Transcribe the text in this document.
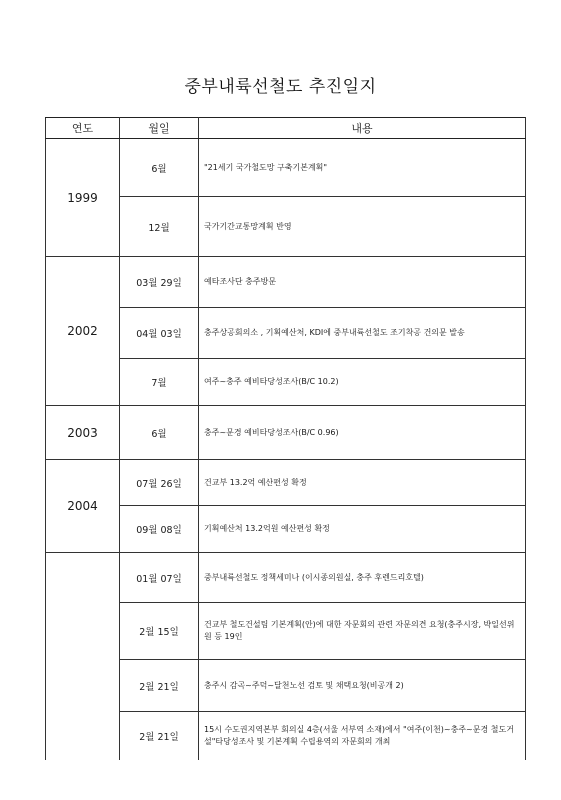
중부내륙선철도 추진일지
연도	월일	내용
1999	6월	"21세기 국가철도망 구축기본계획"
	12월	국가기간교통망계획 반영
2002	03월 29일	예타조사단 충주방문
	04월 03일	충주상공회의소 , 기획예산처, KDI에 중부내륙선철도 조기착공 건의문 발송
	7월	여주~충주 예비타당성조사(B/C 10.2)
2003	6월	충주~문경 예비타당성조사(B/C 0.96)
2004	07월 26일	건교부 13.2억 예산편성 확정
	09월 08일	기획예산처 13.2억원 예산편성 확정
	01월 07일	중부내륙선철도 정책세미나 (이시종의원실, 충주 후렌드리호텔)
	2월 15일	건교부 철도건설팀 기본계획(안)에 대한 자문회의 관련 자문의견 요청(충주시장, 박일선위원 등 19인
	2월 21일	충주시 감곡~주덕~달천노선 검토 및 채택요청(비공개 2)
	2월 21일	15시 수도권지역본부 회의실 4층(서울 서부역 소재)에서 "여주(이천)~충주~문경 철도거설"타당성조사 및 기본계획 수립용역의 자문회의 개최
